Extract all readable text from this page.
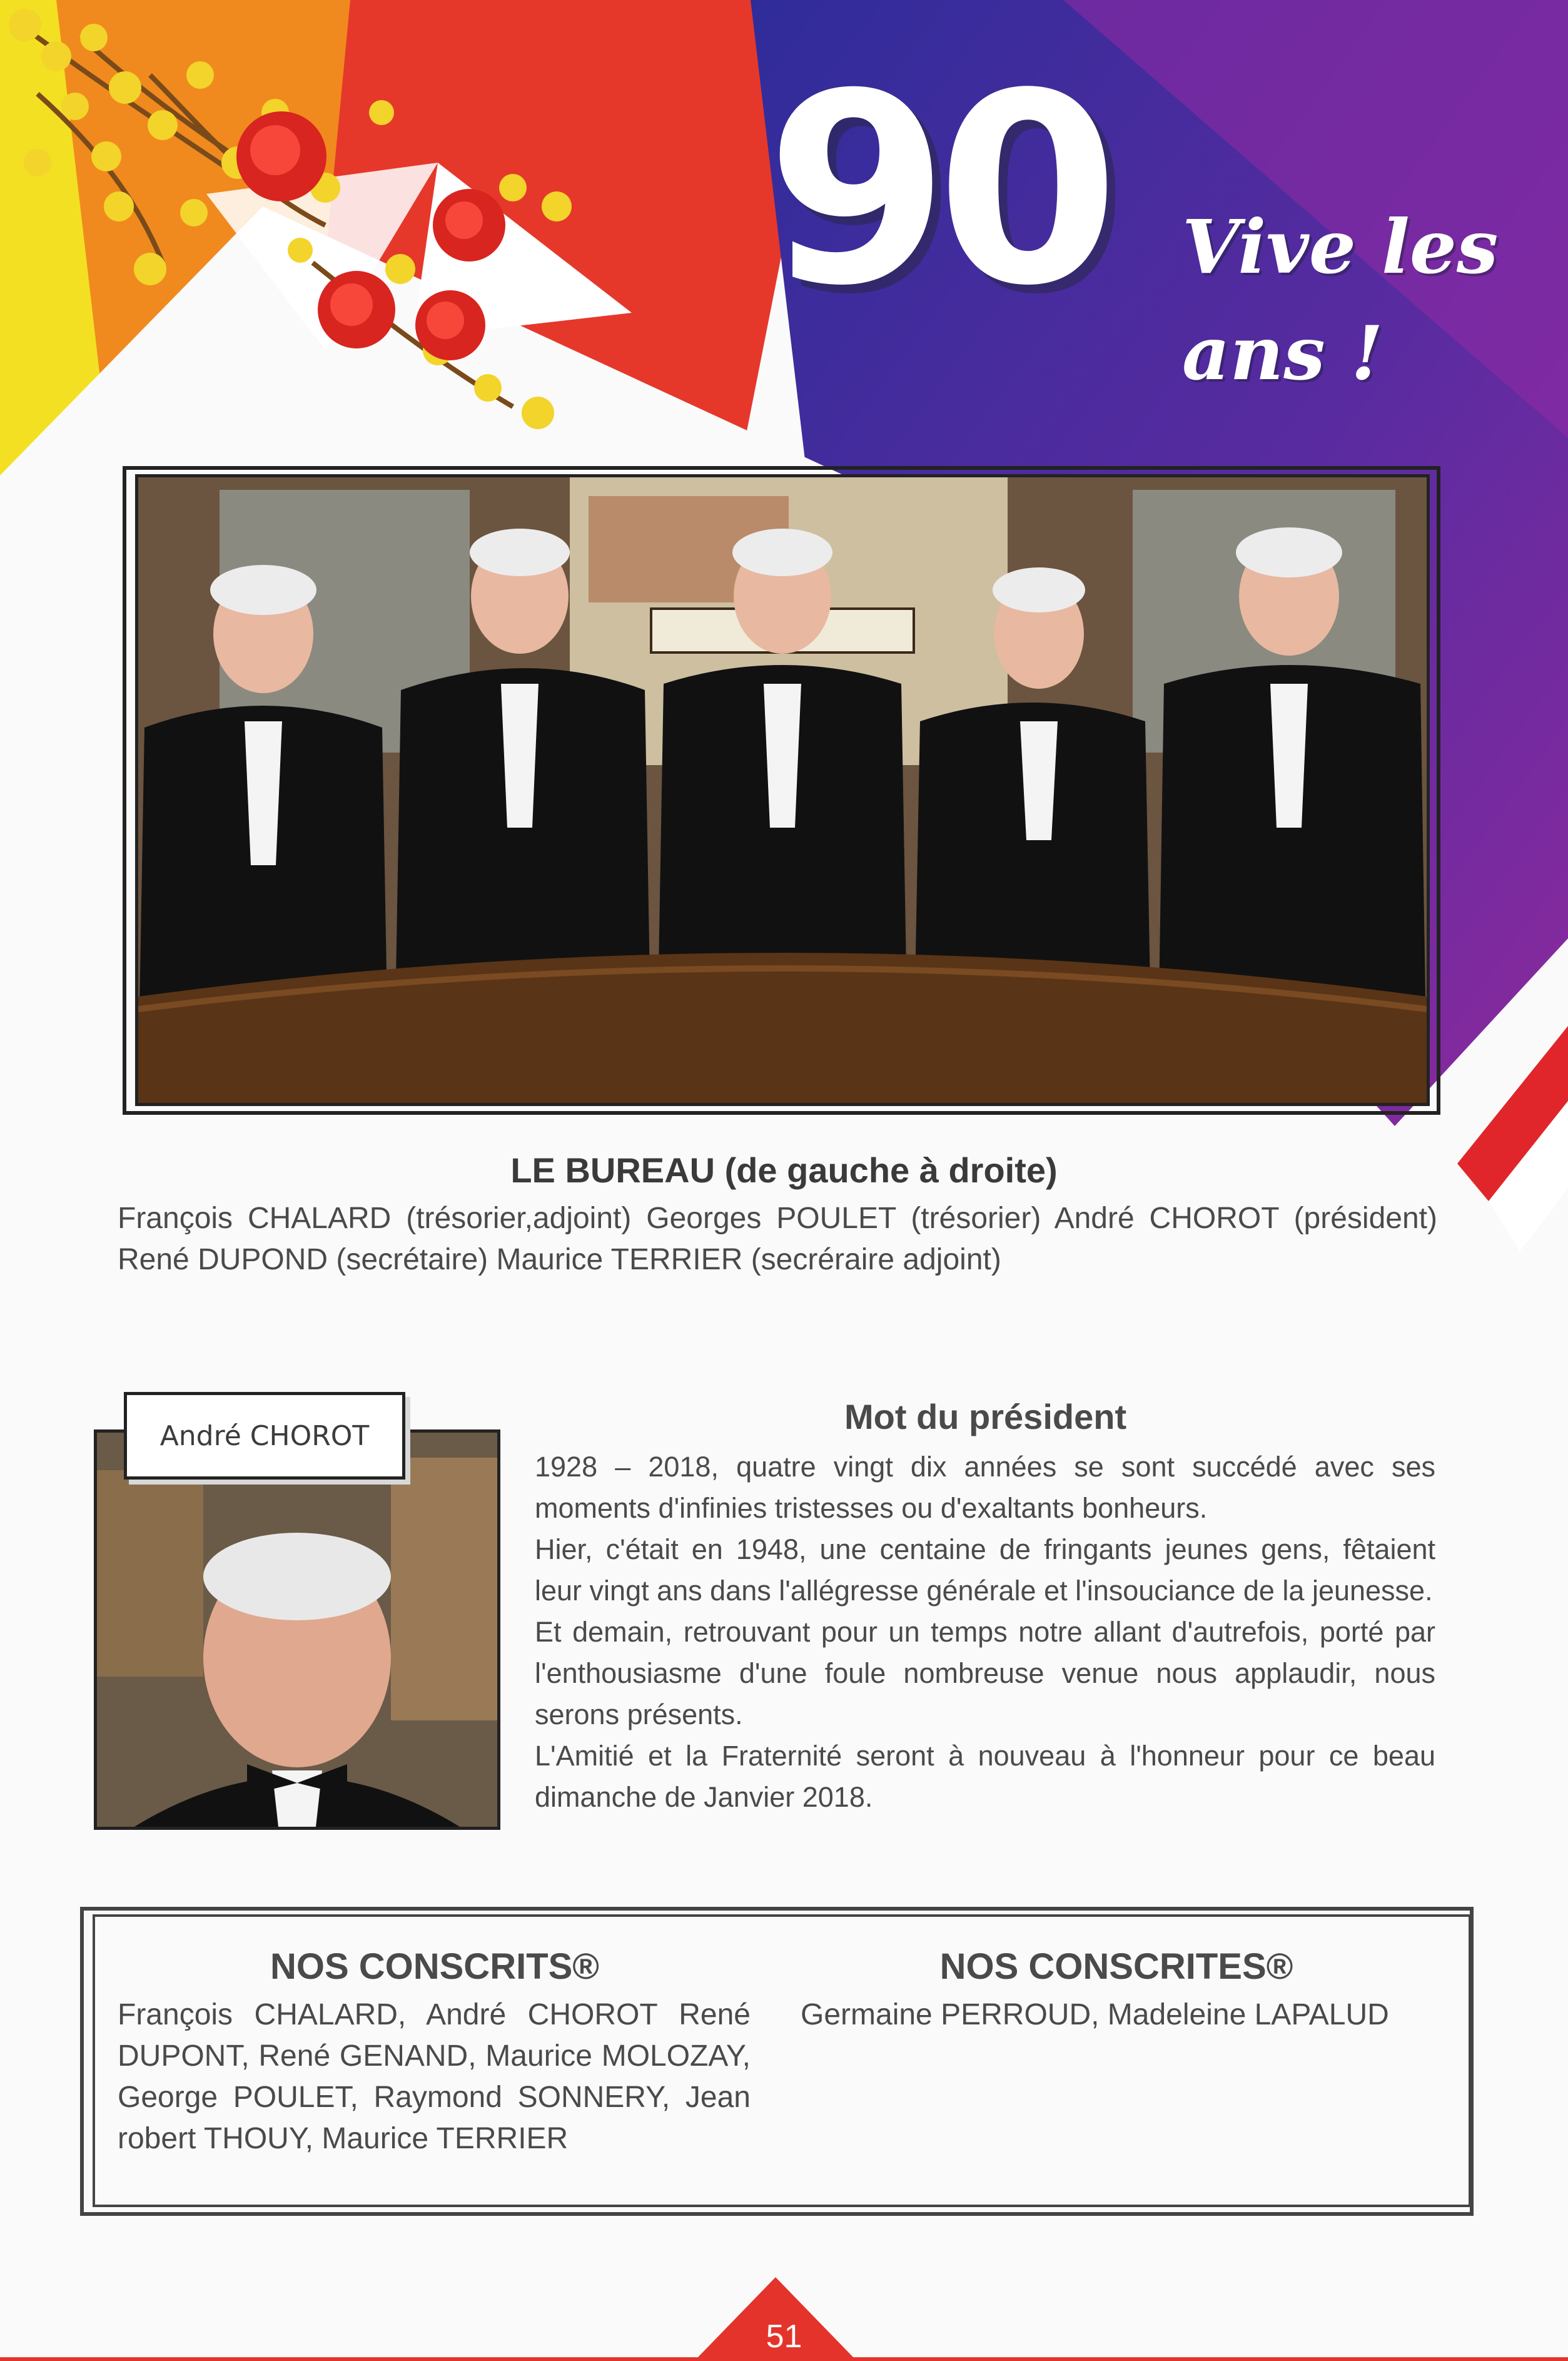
90 Vive les
ans !
LE BUREAU (de gauche à droite)
François CHALARD (trésorier,adjoint) Georges POULET (trésorier) André CHOROT (président) René DUPOND (secrétaire) Maurice TERRIER (secréraire adjoint)
André CHOROT	Mot du président

1928 – 2018, quatre vingt dix années se sont succédé avec ses moments d'infinies tristesses ou d'exaltants bonheurs.

Hier, c'était en 1948, une centaine de fringants jeunes gens, fêtaient leur vingt ans dans l'allégresse générale et l'insouciance de la jeunesse.

Et demain, retrouvant pour un temps notre allant d'autrefois, porté par l'enthousiasme d'une foule nombreuse venue nous applaudir, nous serons présents.

L'Amitié et la Fraternité seront à nouveau à l'honneur pour ce beau dimanche de Janvier 2018.

NOS CONSCRITS®
François CHALARD, André CHOROT René DUPONT, René GENAND, Maurice MOLOZAY, George POULET, Raymond SONNERY, Jean robert THOUY, Maurice TERRIER
NOS CONSCRITES®
Germaine PERROUD, Madeleine LAPALUD
51
